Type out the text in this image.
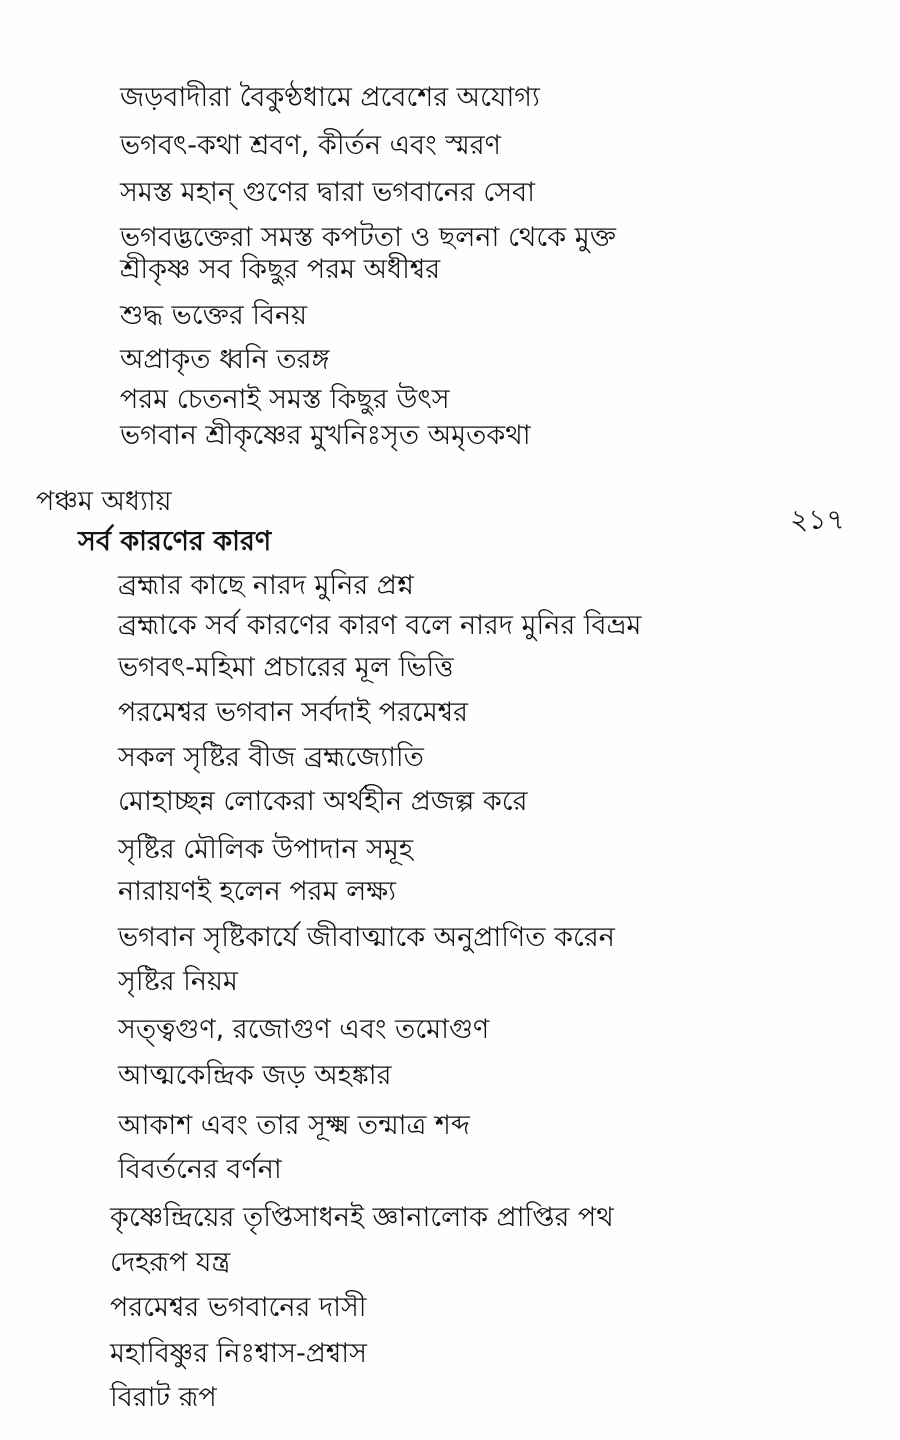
জড়বাদীরা বৈকুণ্ঠধামে প্রবেশের অযোগ্য
ভগবৎ-কথা শ্রবণ, কীর্তন এবং স্মরণ
সমস্ত মহান্ গুণের দ্বারা ভগবানের সেবা
ভগবদ্ভক্তেরা সমস্ত কপটতা ও ছলনা থেকে মুক্ত
শ্রীকৃষ্ণ সব কিছুর পরম অধীশ্বর
শুদ্ধ ভক্তের বিনয়
অপ্রাকৃত ধ্বনি তরঙ্গ
পরম চেতনাই সমস্ত কিছুর উৎস
ভগবান শ্রীকৃষ্ণের মুখনিঃসৃত অমৃতকথা
পঞ্চম অধ্যায়
২১৭
সর্ব কারণের কারণ
ব্রহ্মার কাছে নারদ মুনির প্রশ্ন
ব্রহ্মাকে সর্ব কারণের কারণ বলে নারদ মুনির বিভ্রম
ভগবৎ-মহিমা প্রচারের মূল ভিত্তি
পরমেশ্বর ভগবান সর্বদাই পরমেশ্বর
সকল সৃষ্টির বীজ ব্রহ্মজ্যোতি
মোহাচ্ছন্ন লোকেরা অর্থহীন প্রজল্প করে
সৃষ্টির মৌলিক উপাদান সমূহ
নারায়ণই হলেন পরম লক্ষ্য
ভগবান সৃষ্টিকার্যে জীবাত্মাকে অনুপ্রাণিত করেন
সৃষ্টির নিয়ম
সত্ত্বগুণ, রজোগুণ এবং তমোগুণ
আত্মকেন্দ্রিক জড় অহঙ্কার
আকাশ এবং তার সূক্ষ্ম তন্মাত্র শব্দ
বিবর্তনের বর্ণনা
কৃষ্ণেন্দ্রিয়ের তৃপ্তিসাধনই জ্ঞানালোক প্রাপ্তির পথ
দেহরূপ যন্ত্র
পরমেশ্বর ভগবানের দাসী
মহাবিষ্ণুর নিঃশ্বাস-প্রশ্বাস
বিরাট রূপ
